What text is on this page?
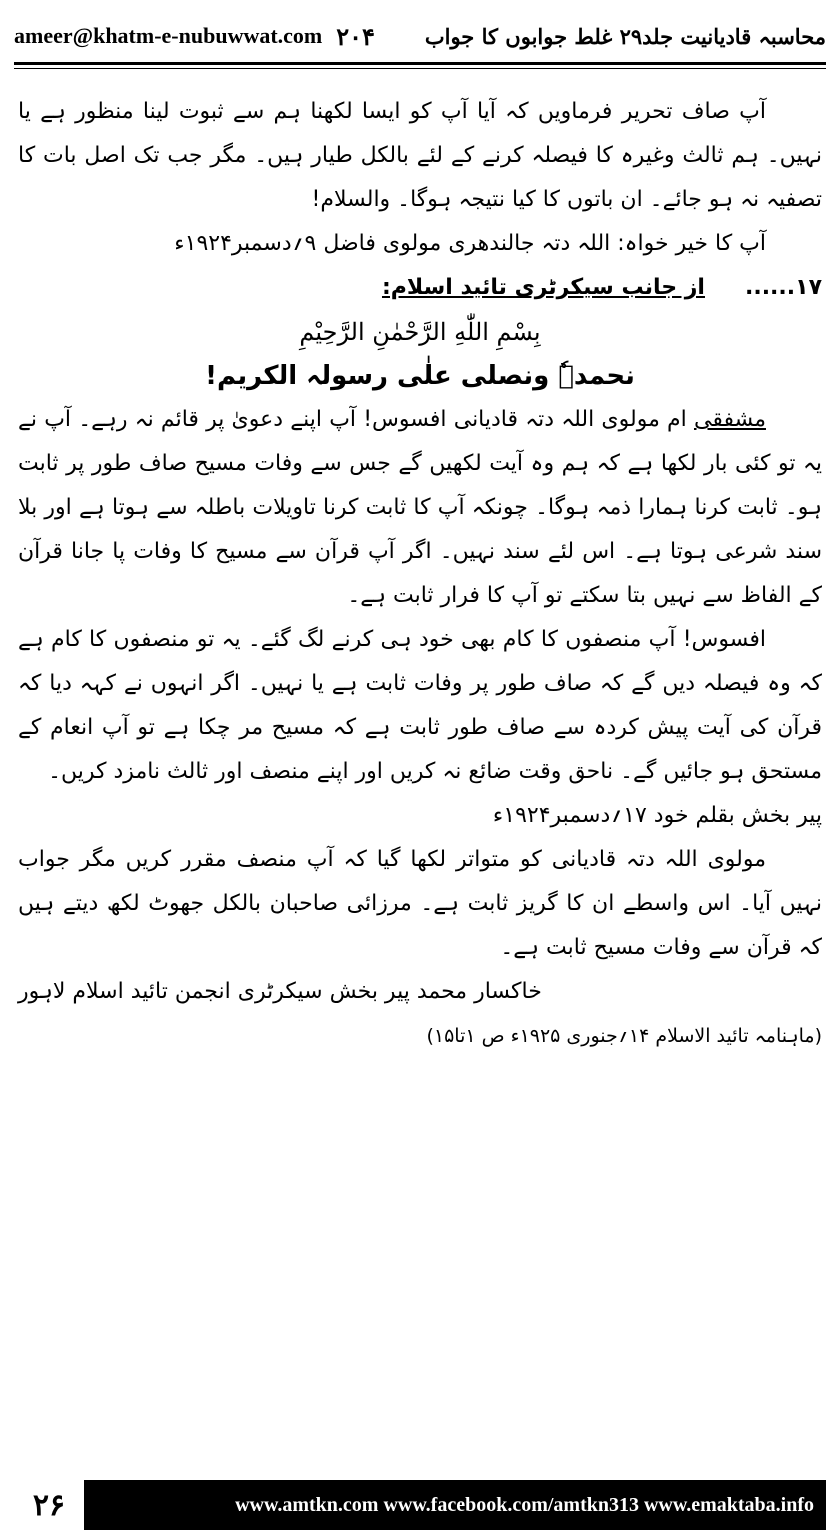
ameer@khatm-e-nubuwwat.com ۲۰۴ محاسبہ قادیانیت جلد۲۹ غلط جوابوں کا جواب

آپ صاف تحریر فرماویں کہ آیا آپ کو ایسا لکھنا ہم سے ثبوت لینا منظور ہے یا نہیں۔ ہم ثالث وغیرہ کا فیصلہ کرنے کے لئے بالکل طیار ہیں۔ مگر جب تک اصل بات کا تصفیہ نہ ہو جائے۔ ان باتوں کا کیا نتیجہ ہوگا۔ والسلام!

آپ کا خیر خواہ: اللہ دتہ جالندھری مولوی فاضل ۹؍دسمبر۱۹۲۴ء

۱۷......
از جانب سیکرٹری تائید اسلام:

بِسْمِ اللّٰهِ الرَّحْمٰنِ الرَّحِيْمِ

نحمدہٗ ونصلی علٰی رسولہ الکریم!

مشفقی ام مولوی اللہ دتہ قادیانی افسوس! آپ اپنے دعویٰ پر قائم نہ رہے۔ آپ نے یہ تو کئی بار لکھا ہے کہ ہم وہ آیت لکھیں گے جس سے وفات مسیح صاف طور پر ثابت ہو۔ ثابت کرنا ہمارا ذمہ ہوگا۔ چونکہ آپ کا ثابت کرنا تاویلات باطلہ سے ہوتا ہے اور بلا سند شرعی ہوتا ہے۔ اس لئے سند نہیں۔ اگر آپ قرآن سے مسیح کا وفات پا جانا قرآن کے الفاظ سے نہیں بتا سکتے تو آپ کا فرار ثابت ہے۔

افسوس! آپ منصفوں کا کام بھی خود ہی کرنے لگ گئے۔ یہ تو منصفوں کا کام ہے کہ وہ فیصلہ دیں گے کہ صاف طور پر وفات ثابت ہے یا نہیں۔ اگر انہوں نے کہہ دیا کہ قرآن کی آیت پیش کردہ سے صاف طور ثابت ہے کہ مسیح مر چکا ہے تو آپ انعام کے مستحق ہو جائیں گے۔ ناحق وقت ضائع نہ کریں اور اپنے منصف اور ثالث نامزد کریں۔

پیر بخش بقلم خود ۱۷؍دسمبر۱۹۲۴ء

مولوی اللہ دتہ قادیانی کو متواتر لکھا گیا کہ آپ منصف مقرر کریں مگر جواب نہیں آیا۔ اس واسطے ان کا گریز ثابت ہے۔ مرزائی صاحبان بالکل جھوٹ لکھ دیتے ہیں کہ قرآن سے وفات مسیح ثابت ہے۔

خاکسار محمد پیر بخش سیکرٹری انجمن تائید اسلام لاہور

(ماہنامہ تائید الاسلام ۱۴؍جنوری ۱۹۲۵ء ص ۱تا۱۵)

۲۶	www.amtkn.com www.facebook.com/amtkn313 www.emaktaba.info
